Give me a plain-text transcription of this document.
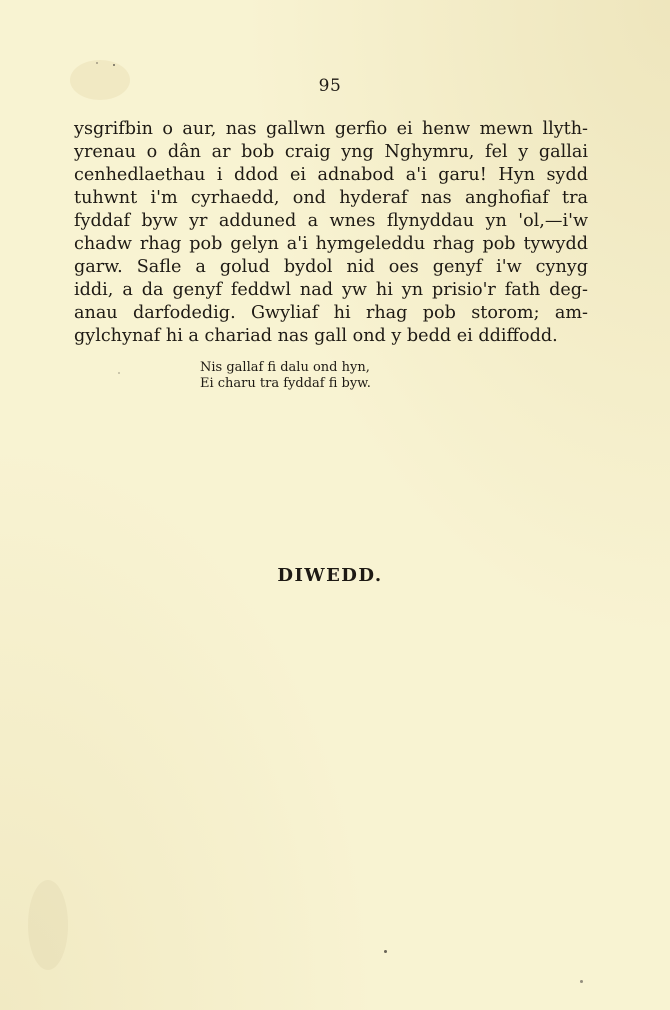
95
ysgrifbin o aur, nas gallwn gerfio ei henw mewn llyth-
yrenau o dân ar bob craig yng Nghymru, fel y gallai
cenhedlaethau i ddod ei adnabod a'i garu! Hyn sydd
tuhwnt i'm cyrhaedd, ond hyderaf nas anghofiaf tra
fyddaf byw yr adduned a wnes flynyddau yn 'ol,—i'w
chadw rhag pob gelyn a'i hymgeleddu rhag pob tywydd
garw. Safle a golud bydol nid oes genyf i'w cynyg
iddi, a da genyf feddwl nad yw hi yn prisio'r fath deg-
anau darfodedig. Gwyliaf hi rhag pob storom; am-
gylchynaf hi a chariad nas gall ond y bedd ei ddiffodd.
Nis gallaf fi dalu ond hyn,
Ei charu tra fyddaf fi byw.
DIWEDD.
